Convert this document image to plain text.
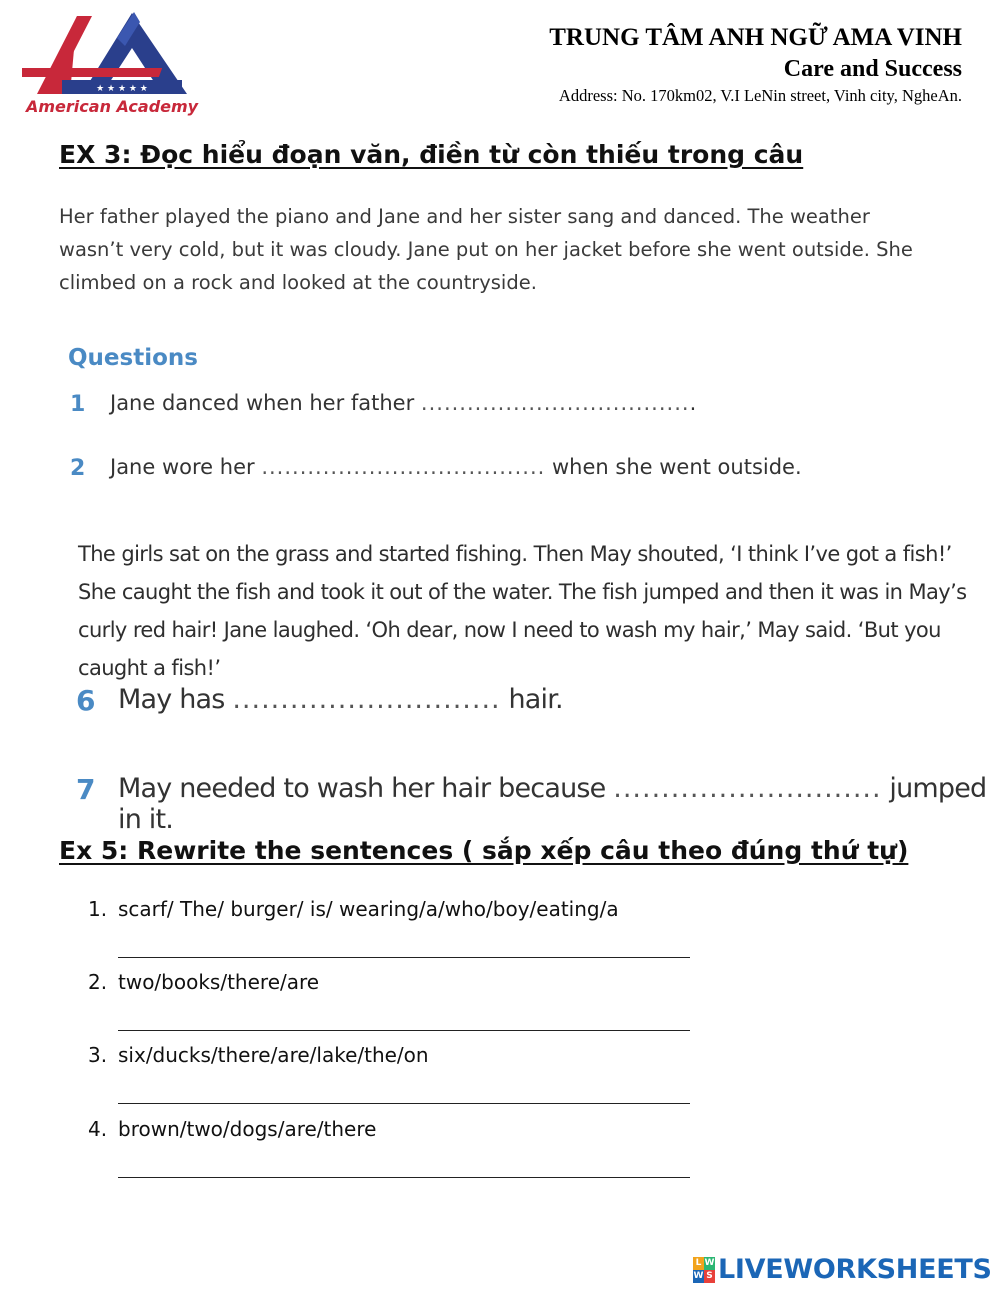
★ ★ ★ ★ ★
American Academy
TRUNG TÂM ANH NGỮ AMA VINH
Care and Success
Address: No. 170km02, V.I LeNin street, Vinh city, NgheAn.
EX 3: Đọc hiểu đoạn văn, điền từ còn thiếu trong câu
Her father played the piano and Jane and her sister sang and danced. The weather wasn’t very cold, but it was cloudy. Jane put on her jacket before she went outside. She climbed on a rock and looked at the countryside.
Questions
1 Jane danced when her father ....................................
2 Jane wore her ..................................... when she went outside.
The girls sat on the grass and started fishing. Then May shouted, ‘I think I’ve got a fish!’ She caught the fish and took it out of the water. The fish jumped and then it was in May’s curly red hair! Jane laughed. ‘Oh dear, now I need to wash my hair,’ May said. ‘But you caught a fish!’
6 May has ............................ hair.
7 May needed to wash her hair because ............................ jumped in it.
Ex 5: Rewrite the sentences ( sắp xếp câu theo đúng thứ tự)
1. scarf/ The/ burger/ is/ wearing/a/who/boy/eating/a
2. two/books/there/are
3. six/ducks/there/are/lake/the/on
4. brown/two/dogs/are/there
L W
W S LIVEWORKSHEETS
